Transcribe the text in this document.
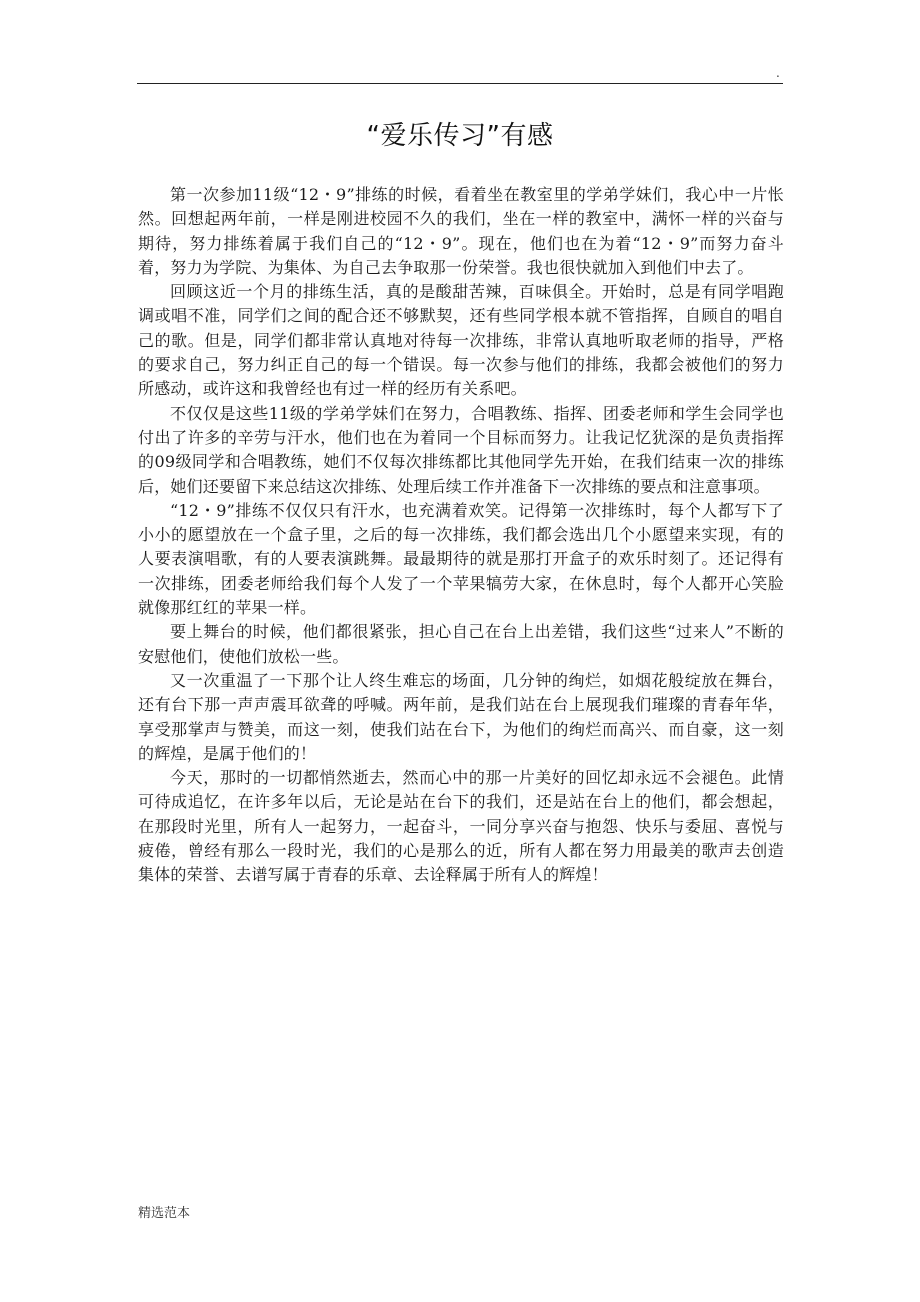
.
“爱乐传习”有感

第一次参加11级“12・9”排练的时候，看着坐在教室里的学弟学妹们，我心中一片怅然。回想起两年前，一样是刚进校园不久的我们，坐在一样的教室中，满怀一样的兴奋与期待，努力排练着属于我们自己的“12・9”。现在，他们也在为着“12・9”而努力奋斗着，努力为学院、为集体、为自己去争取那一份荣誉。我也很快就加入到他们中去了。

回顾这近一个月的排练生活，真的是酸甜苦辣，百味俱全。开始时，总是有同学唱跑调或唱不准，同学们之间的配合还不够默契，还有些同学根本就不管指挥，自顾自的唱自己的歌。但是，同学们都非常认真地对待每一次排练，非常认真地听取老师的指导，严格的要求自己，努力纠正自己的每一个错误。每一次参与他们的排练，我都会被他们的努力所感动，或许这和我曾经也有过一样的经历有关系吧。

不仅仅是这些11级的学弟学妹们在努力，合唱教练、指挥、团委老师和学生会同学也付出了许多的辛劳与汗水，他们也在为着同一个目标而努力。让我记忆犹深的是负责指挥的09级同学和合唱教练，她们不仅每次排练都比其他同学先开始，在我们结束一次的排练后，她们还要留下来总结这次排练、处理后续工作并准备下一次排练的要点和注意事项。

“12・9”排练不仅仅只有汗水，也充满着欢笑。记得第一次排练时，每个人都写下了小小的愿望放在一个盒子里，之后的每一次排练，我们都会选出几个小愿望来实现，有的人要表演唱歌，有的人要表演跳舞。最最期待的就是那打开盒子的欢乐时刻了。还记得有一次排练，团委老师给我们每个人发了一个苹果犒劳大家，在休息时，每个人都开心笑脸就像那红红的苹果一样。

要上舞台的时候，他们都很紧张，担心自己在台上出差错，我们这些“过来人”不断的安慰他们，使他们放松一些。

又一次重温了一下那个让人终生难忘的场面，几分钟的绚烂，如烟花般绽放在舞台，还有台下那一声声震耳欲聋的呼喊。两年前，是我们站在台上展现我们璀璨的青春年华，享受那掌声与赞美，而这一刻，使我们站在台下，为他们的绚烂而高兴、而自豪，这一刻的辉煌，是属于他们的！

今天，那时的一切都悄然逝去，然而心中的那一片美好的回忆却永远不会褪色。此情可待成追忆，在许多年以后，无论是站在台下的我们，还是站在台上的他们，都会想起，在那段时光里，所有人一起努力，一起奋斗，一同分享兴奋与抱怨、快乐与委屈、喜悦与疲倦，曾经有那么一段时光，我们的心是那么的近，所有人都在努力用最美的歌声去创造集体的荣誉、去谱写属于青春的乐章、去诠释属于所有人的辉煌！

精选范本
